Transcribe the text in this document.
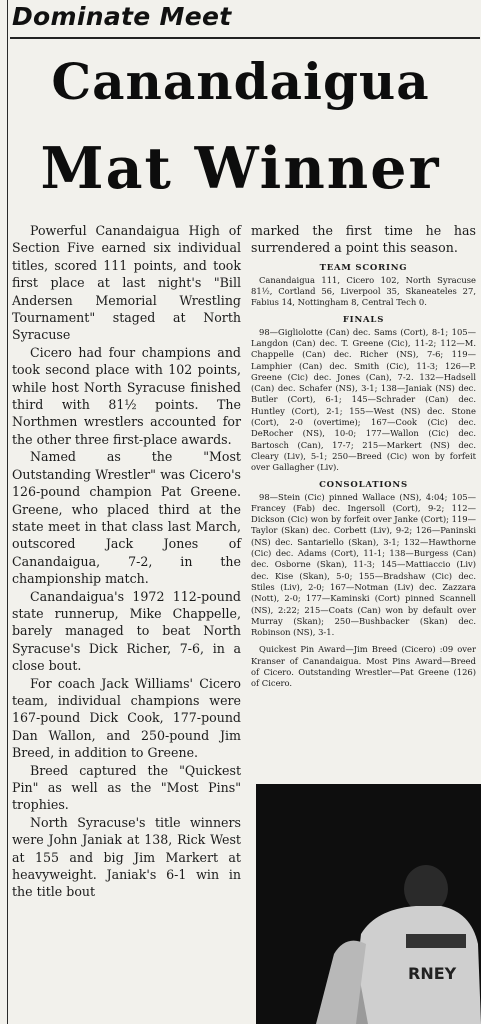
Dominate Meet
Canandaigua
Mat Winner

Powerful Canandaigua High of Section Five earned six individual titles, scored 111 points, and took first place at last night's "Bill Andersen Memorial Wrestling Tournament" staged at North Syracuse

Cicero had four champions and took second place with 102 points, while host North Syracuse finished third with 81½ points. The Northmen wrestlers accounted for the other three first-place awards.

Named as the "Most Outstanding Wrestler" was Cicero's 126-pound champion Pat Greene. Greene, who placed third at the state meet in that class last March, outscored Jack Jones of Canandaigua, 7-2, in the championship match.

Canandaigua's 1972 112-pound state runnerup, Mike Chappelle, barely managed to beat North Syracuse's Dick Richer, 7-6, in a close bout.

For coach Jack Williams' Cicero team, individual champions were 167-pound Dick Cook, 177-pound Dan Wallon, and 250-pound Jim Breed, in addition to Greene.

Breed captured the "Quickest Pin" as well as the "Most Pins" trophies.

North Syracuse's title winners were John Janiak at 138, Rick West at 155 and big Jim Markert at heavyweight. Janiak's 6-1 win in the title bout

marked the first time he has surrendered a point this season.

TEAM SCORING

Canandaigua 111, Cicero 102, North Syracuse 81½, Cortland 56, Liverpool 35, Skaneateles 27, Fabius 14, Nottingham 8, Central Tech 0.

FINALS

98—Gigliolotte (Can) dec. Sams (Cort), 8-1; 105—Langdon (Can) dec. T. Greene (Cic), 11-2; 112—M. Chappelle (Can) dec. Richer (NS), 7-6; 119—Lamphier (Can) dec. Smith (Cic), 11-3; 126—P. Greene (Cic) dec. Jones (Can), 7-2. 132—Hadsell (Can) dec. Schafer (NS), 3-1; 138—Janiak (NS) dec. Butler (Cort), 6-1; 145—Schrader (Can) dec. Huntley (Cort), 2-1; 155—West (NS) dec. Stone (Cort), 2-0 (overtime); 167—Cook (Cic) dec. DeRocher (NS), 10-0; 177—Wallon (Cic) dec. Bartosch (Can), 17-7; 215—Markert (NS) dec. Cleary (Liv), 5-1; 250—Breed (Cic) won by forfeit over Gallagher (Liv).

CONSOLATIONS

98—Stein (Cic) pinned Wallace (NS), 4:04; 105—Francey (Fab) dec. Ingersoll (Cort), 9-2; 112—Dickson (Cic) won by forfeit over Janke (Cort); 119—Taylor (Skan) dec. Corbett (Liv), 9-2; 126—Paninski (NS) dec. Santariello (Skan), 3-1; 132—Hawthorne (Cic) dec. Adams (Cort), 11-1; 138—Burgess (Can) dec. Osborne (Skan), 11-3; 145—Mattiaccio (Liv) dec. Kise (Skan), 5-0; 155—Bradshaw (Cic) dec. Stiles (Liv), 2-0; 167—Notman (Liv) dec. Zazzara (Nott), 2-0; 177—Kaminski (Cort) pinned Scannell (NS), 2:22; 215—Coats (Can) won by default over Murray (Skan); 250—Bushbacker (Skan) dec. Robinson (NS), 3-1.

Quickest Pin Award—Jim Breed (Cicero) :09 over Kranser of Canandaigua. Most Pins Award—Breed of Cicero. Outstanding Wrestler—Pat Greene (126) of Cicero.

RNEY
